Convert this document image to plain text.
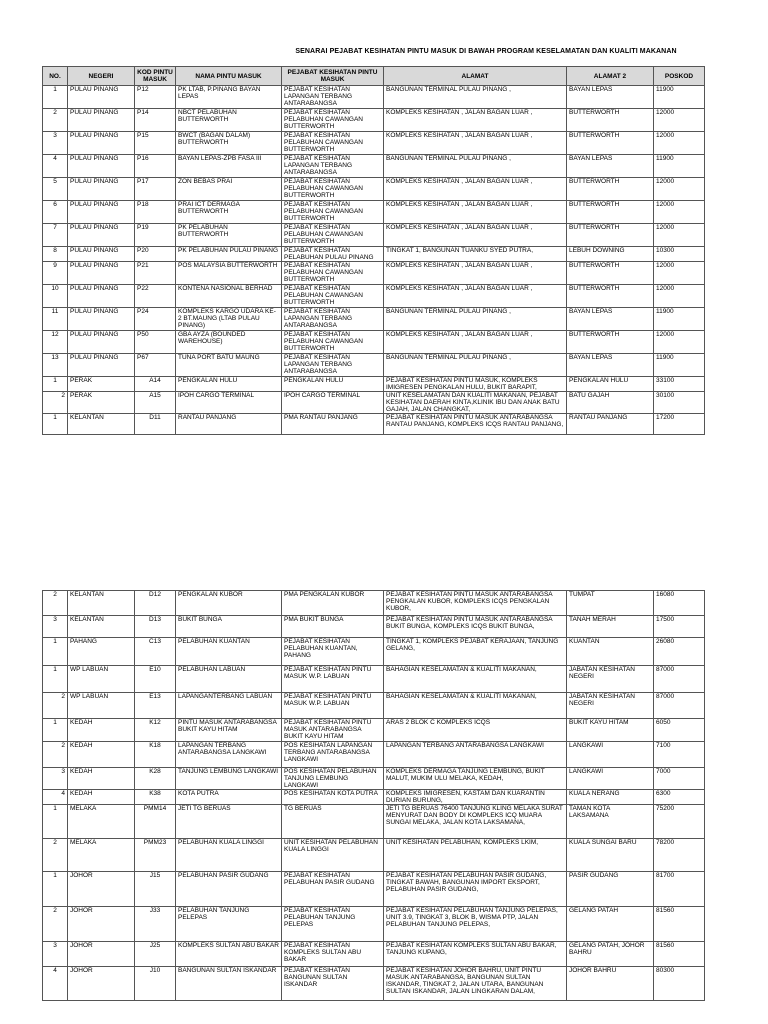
SENARAI PEJABAT KESIHATAN PINTU MASUK DI BAWAH PROGRAM KESELAMATAN DAN KUALITI MAKANAN
NO.	NEGERI	KOD PINTU MASUK	NAMA PINTU MASUK	PEJABAT KESIHATAN PINTU MASUK	ALAMAT	ALAMAT 2	POSKOD
1	PULAU PINANG	P12	PK LTAB, P.PINANG BAYAN LEPAS	PEJABAT KESIHATAN LAPANGAN TERBANG ANTARABANGSA	BANGUNAN TERMINAL PULAU PINANG ,	BAYAN LEPAS	11900
2	PULAU PINANG	P14	NBCT PELABUHAN BUTTERWORTH	PEJABAT KESIHATAN PELABUHAN CAWANGAN BUTTERWORTH	KOMPLEKS KESIHATAN , JALAN BAGAN LUAR ,	BUTTERWORTH	12000
3	PULAU PINANG	P15	BWCT (BAGAN DALAM) BUTTERWORTH	PEJABAT KESIHATAN PELABUHAN CAWANGAN BUTTERWORTH	KOMPLEKS KESIHATAN , JALAN BAGAN LUAR ,	BUTTERWORTH	12000
4	PULAU PINANG	P16	BAYAN LEPAS-ZPB FASA III	PEJABAT KESIHATAN LAPANGAN TERBANG ANTARABANGSA	BANGUNAN TERMINAL PULAU PINANG ,	BAYAN LEPAS	11900
5	PULAU PINANG	P17	ZON BEBAS PRAI	PEJABAT KESIHATAN PELABUHAN CAWANGAN BUTTERWORTH	KOMPLEKS KESIHATAN , JALAN BAGAN LUAR ,	BUTTERWORTH	12000
6	PULAU PINANG	P18	PRAI ICT DERMAGA BUTTERWORTH	PEJABAT KESIHATAN PELABUHAN CAWANGAN BUTTERWORTH	KOMPLEKS KESIHATAN , JALAN BAGAN LUAR ,	BUTTERWORTH	12000
7	PULAU PINANG	P19	PK PELABUHAN BUTTERWORTH	PEJABAT KESIHATAN PELABUHAN CAWANGAN BUTTERWORTH	KOMPLEKS KESIHATAN , JALAN BAGAN LUAR ,	BUTTERWORTH	12000
8	PULAU PINANG	P20	PK PELABUHAN PULAU PINANG	PEJABAT KESIHATAN PELABUHAN PULAU PINANG	TINGKAT 1, BANGUNAN TUANKU SYED PUTRA,	LEBUH DOWNING	10300
9	PULAU PINANG	P21	POS MALAYSIA BUTTERWORTH	PEJABAT KESIHATAN PELABUHAN CAWANGAN BUTTERWORTH	KOMPLEKS KESIHATAN , JALAN BAGAN LUAR ,	BUTTERWORTH	12000
10	PULAU PINANG	P22	KONTENA NASIONAL BERHAD	PEJABAT KESIHATAN PELABUHAN CAWANGAN BUTTERWORTH	KOMPLEKS KESIHATAN , JALAN BAGAN LUAR ,	BUTTERWORTH	12000
11	PULAU PINANG	P24	KOMPLEKS KARGO UDARA KE-2 BT.MAUNG (LTAB PULAU PINANG)	PEJABAT KESIHATAN LAPANGAN TERBANG ANTARABANGSA	BANGUNAN TERMINAL PULAU PINANG ,	BAYAN LEPAS	11900
12	PULAU PINANG	P50	GBA AYZA (BOUNDED WAREHOUSE)	PEJABAT KESIHATAN PELABUHAN CAWANGAN BUTTERWORTH	KOMPLEKS KESIHATAN , JALAN BAGAN LUAR ,	BUTTERWORTH	12000
13	PULAU PINANG	P67	TUNA PORT BATU MAUNG	PEJABAT KESIHATAN LAPANGAN TERBANG ANTARABANGSA	BANGUNAN TERMINAL PULAU PINANG ,	BAYAN LEPAS	11900
1	PERAK	A14	PENGKALAN HULU	PENGKALAN HULU	PEJABAT KESIHATAN PINTU MASUK, KOMPLEKS IMIGRESEN PENGKALAN HULU, BUKIT BARAPIT,	PENGKALAN HULU	33100
2	PERAK	A15	IPOH CARGO TERMINAL	IPOH CARGO TERMINAL	UNIT KESELAMATAN DAN KUALITI MAKANAN, PEJABAT KESIHATAN DAERAH KINTA,KLINIK IBU DAN ANAK BATU GAJAH, JALAN CHANGKAT,	BATU GAJAH	30100
1	KELANTAN	D11	RANTAU PANJANG	PMA RANTAU PANJANG	PEJABAT KESIHATAN PINTU MASUK ANTARABANGSA RANTAU PANJANG, KOMPLEKS ICQS RANTAU PANJANG,	RANTAU PANJANG	17200
2	KELANTAN	D12	PENGKALAN KUBOR	PMA PENGKALAN KUBOR	PEJABAT KESIHATAN PINTU MASUK ANTARABANGSA PENGKALAN KUBOR, KOMPLEKS ICQS PENGKALAN KUBOR,	TUMPAT	16080
3	KELANTAN	D13	BUKIT BUNGA	PMA BUKIT BUNGA	PEJABAT KESIHATAN PINTU MASUK ANTARABANGSA BUKIT BUNGA, KOMPLEKS ICQS BUKIT BUNGA,	TANAH MERAH	17500
1	PAHANG	C13	PELABUHAN KUANTAN	PEJABAT KESIHATAN PELABUHAN KUANTAN, PAHANG	TINGKAT 1, KOMPLEKS PEJABAT KERAJAAN, TANJUNG GELANG,	KUANTAN	26080
1	WP LABUAN	E10	PELABUHAN LABUAN	PEJABAT KESIHATAN PINTU MASUK W.P. LABUAN	BAHAGIAN KESELAMATAN & KUALITI MAKANAN,	JABATAN KESIHATAN NEGERI	87000
2	WP LABUAN	E13	LAPANGANTERBANG LABUAN	PEJABAT KESIHATAN PINTU MASUK W.P. LABUAN	BAHAGIAN KESELAMATAN & KUALITI MAKANAN,	JABATAN KESIHATAN NEGERI	87000
1	KEDAH	K12	PINTU MASUK ANTARABANGSA BUKIT KAYU HITAM	PEJABAT KESIHATAN PINTU MASUK ANTARABANGSA BUKIT KAYU HITAM	ARAS 2 BLOK C KOMPLEKS ICQS	BUKIT KAYU HITAM	6050
2	KEDAH	K18	LAPANGAN TERBANG ANTARABANGSA LANGKAWI	POS KESIHATAN LAPANGAN TERBANG ANTARABANGSA LANGKAWI	LAPANGAN TERBANG ANTARABANGSA LANGKAWI	LANGKAWI	7100
3	KEDAH	K28	TANJUNG LEMBUNG LANGKAWI	POS KESIHATAN PELABUHAN TANJUNG LEMBUNG LANGKAWI	KOMPLEKS DERMAGA TANJUNG LEMBUNG, BUKIT MALUT, MUKIM ULU MELAKA, KEDAH,	LANGKAWI	7000
4	KEDAH	K38	KOTA PUTRA	POS KESIHATAN KOTA PUTRA	KOMPLEKS IMIGRESEN, KASTAM DAN KUARANTIN DURIAN BURUNG,	KUALA NERANG	6300
1	MELAKA	PMM14	JETI TG BERUAS	TG BERUAS	JETI TG BERUAS 76400 TANJUNG KLING MELAKA SURAT MENYURAT DAN BODY DI KOMPLEKS ICQ MUARA SUNGAI MELAKA, JALAN KOTA LAKSAMANA,	TAMAN KOTA LAKSAMANA	75200
2	MELAKA	PMM23	PELABUHAN KUALA LINGGI	UNIT KESIHATAN PELABUHAN KUALA LINGGI	UNIT KESIHATAN PELABUHAN, KOMPLEKS LKIM,	KUALA SUNGAI BARU	78200
1	JOHOR	J15	PELABUHAN PASIR GUDANG	PEJABAT KESIHATAN PELABUHAN PASIR GUDANG	PEJABAT KESIHATAN PELABUHAN PASIR GUDANG, TINGKAT BAWAH, BANGUNAN IMPORT EKSPORT, PELABUHAN PASIR GUDANG,	PASIR GUDANG	81700
2	JOHOR	J33	PELABUHAN TANJUNG PELEPAS	PEJABAT KESIHATAN PELABUHAN TANJUNG PELEPAS	PEJABAT KESIHATAN PELABUHAN TANJUNG PELEPAS, UNIT 3.9, TINGKAT 3, BLOK B, WISMA PTP, JALAN PELABUHAN TANJUNG PELEPAS,	GELANG PATAH	81560
3	JOHOR	J25	KOMPLEKS SULTAN ABU BAKAR	PEJABAT KESIHATAN KOMPLEKS SULTAN ABU BAKAR	PEJABAT KESIHATAN KOMPLEKS SULTAN ABU BAKAR, TANJUNG KUPANG,	GELANG PATAH, JOHOR BAHRU	81560
4	JOHOR	J10	BANGUNAN SULTAN ISKANDAR	PEJABAT KESIHATAN BANGUNAN SULTAN ISKANDAR	PEJABAT KESIHATAN JOHOR BAHRU, UNIT PINTU MASUK ANTARABANGSA, BANGUNAN SULTAN ISKANDAR, TINGKAT 2, JALAN UTARA, BANGUNAN SULTAN ISKANDAR, JALAN LINGKARAN DALAM,	JOHOR BAHRU	80300
